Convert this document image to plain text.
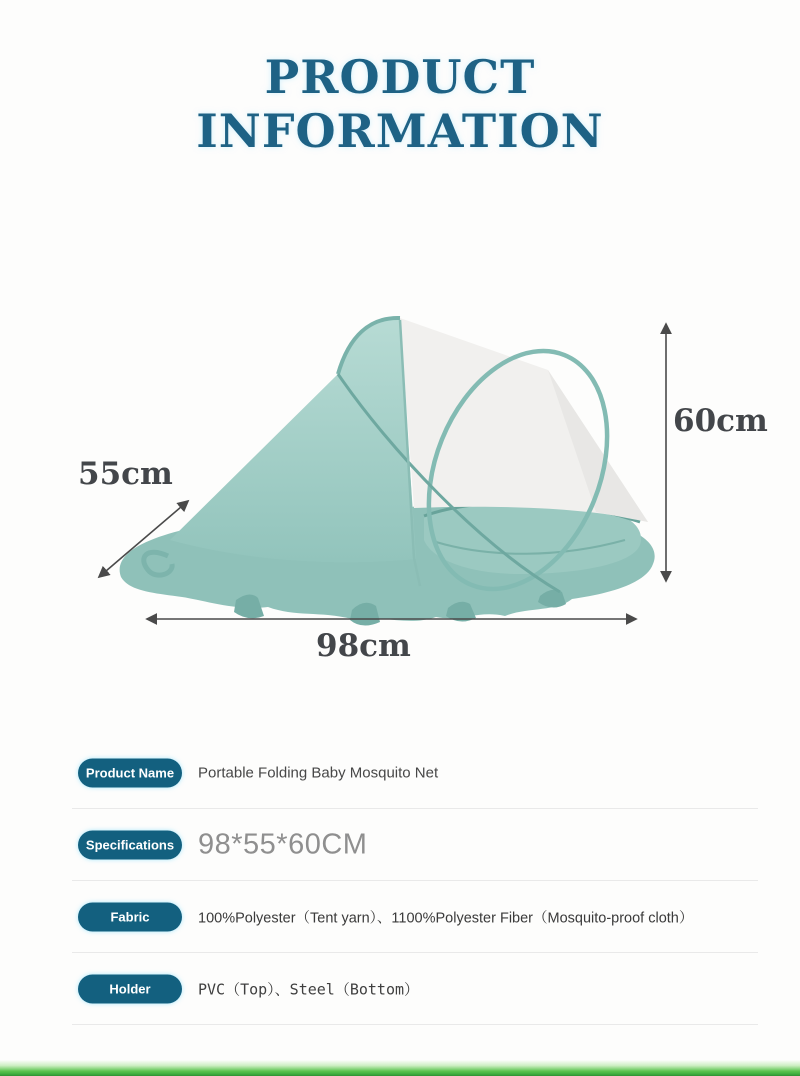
PRODUCT
INFORMATION
60cm
98cm
55cm
Product Name	Portable Folding Baby Mosquito Net
Specifications 98*55*60CM
Fabric	100%Polyester（Tent yarn）、1100%Polyester Fiber（Mosquito-proof cloth）
Holder	PVC（Top）、Steel（Bottom）
